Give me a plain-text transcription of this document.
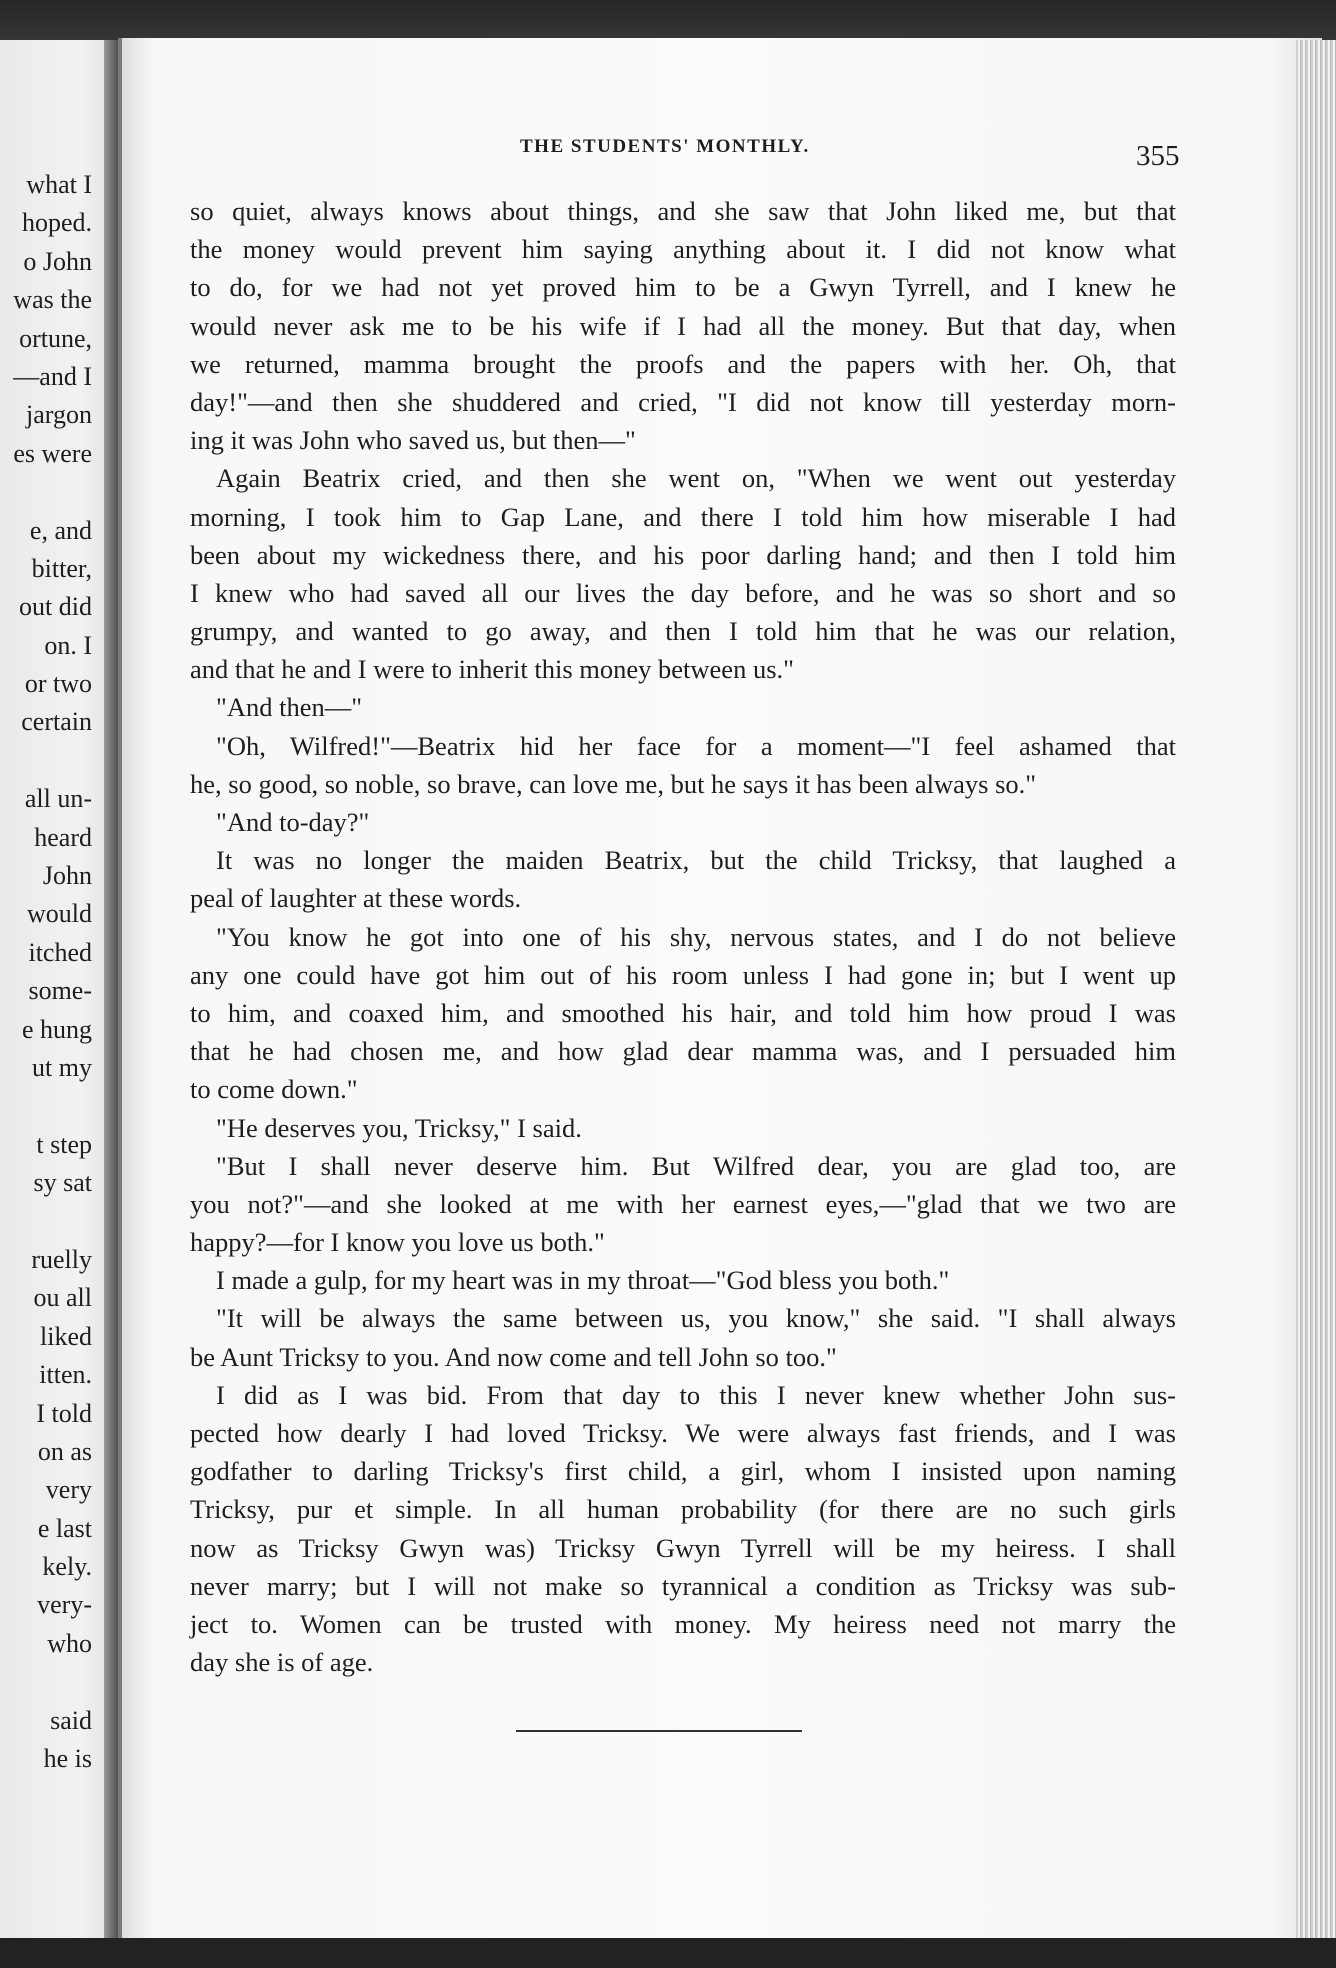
what I
hoped.
o John
was the
ortune,
—and I
jargon
es were
e, and
bitter,
out did
on. I
or two
certain
all un-
heard
John
would
itched
some-
e hung
ut my
t step
sy sat
ruelly
ou all
liked
itten.
I told
on as
very
e last
kely.
very-
who
said
he is
THE STUDENTS' MONTHLY.	355
so quiet, always knows about things, and she saw that John liked me, but that
the money would prevent him saying anything about it. I did not know what
to do, for we had not yet proved him to be a Gwyn Tyrrell, and I knew he
would never ask me to be his wife if I had all the money. But that day, when
we returned, mamma brought the proofs and the papers with her. Oh, that
day!"—and then she shuddered and cried, "I did not know till yesterday morn-
ing it was John who saved us, but then—"
Again Beatrix cried, and then she went on, "When we went out yesterday
morning, I took him to Gap Lane, and there I told him how miserable I had
been about my wickedness there, and his poor darling hand; and then I told him
I knew who had saved all our lives the day before, and he was so short and so
grumpy, and wanted to go away, and then I told him that he was our relation,
and that he and I were to inherit this money between us."
"And then—"
"Oh, Wilfred!"—Beatrix hid her face for a moment—"I feel ashamed that
he, so good, so noble, so brave, can love me, but he says it has been always so."
"And to-day?"
It was no longer the maiden Beatrix, but the child Tricksy, that laughed a
peal of laughter at these words.
"You know he got into one of his shy, nervous states, and I do not believe
any one could have got him out of his room unless I had gone in; but I went up
to him, and coaxed him, and smoothed his hair, and told him how proud I was
that he had chosen me, and how glad dear mamma was, and I persuaded him
to come down."
"He deserves you, Tricksy," I said.
"But I shall never deserve him. But Wilfred dear, you are glad too, are
you not?"—and she looked at me with her earnest eyes,—"glad that we two are
happy?—for I know you love us both."
I made a gulp, for my heart was in my throat—"God bless you both."
"It will be always the same between us, you know," she said. "I shall always
be Aunt Tricksy to you. And now come and tell John so too."
I did as I was bid. From that day to this I never knew whether John sus-
pected how dearly I had loved Tricksy. We were always fast friends, and I was
godfather to darling Tricksy's first child, a girl, whom I insisted upon naming
Tricksy, pur et simple. In all human probability (for there are no such girls
now as Tricksy Gwyn was) Tricksy Gwyn Tyrrell will be my heiress. I shall
never marry; but I will not make so tyrannical a condition as Tricksy was sub-
ject to. Women can be trusted with money. My heiress need not marry the
day she is of age.
